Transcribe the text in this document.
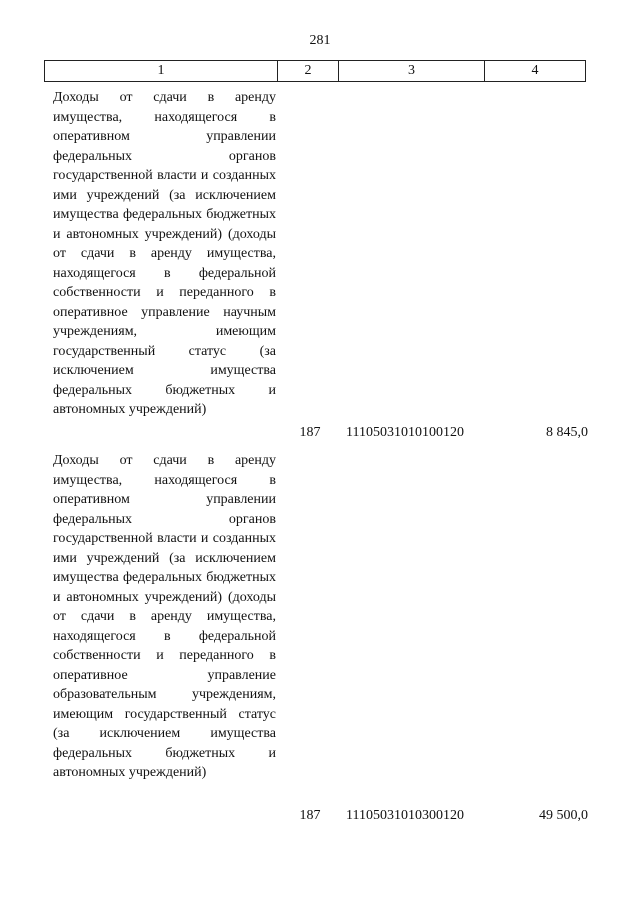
281
1	2	3	4
Доходы от сдачи в аренду имущества, находящегося в оперативном управлении федеральных органов государственной власти и созданных ими учреждений (за исключением имущества федеральных бюджетных и автономных учреждений) (доходы от сдачи в аренду имущества, находящегося в федеральной собственности и переданного в оперативное управление научным учреждениям, имеющим государственный статус (за исключением имущества федеральных бюджетных и автономных учреждений)
187	11105031010100120	8 845,0
Доходы от сдачи в аренду имущества, находящегося в оперативном управлении федеральных органов государственной власти и созданных ими учреждений (за исключением имущества федеральных бюджетных и автономных учреждений) (доходы от сдачи в аренду имущества, находящегося в федеральной собственности и переданного в оперативное управление образовательным учреждениям, имеющим государственный статус (за исключением имущества федеральных бюджетных и автономных учреждений)
187	11105031010300120	49 500,0
